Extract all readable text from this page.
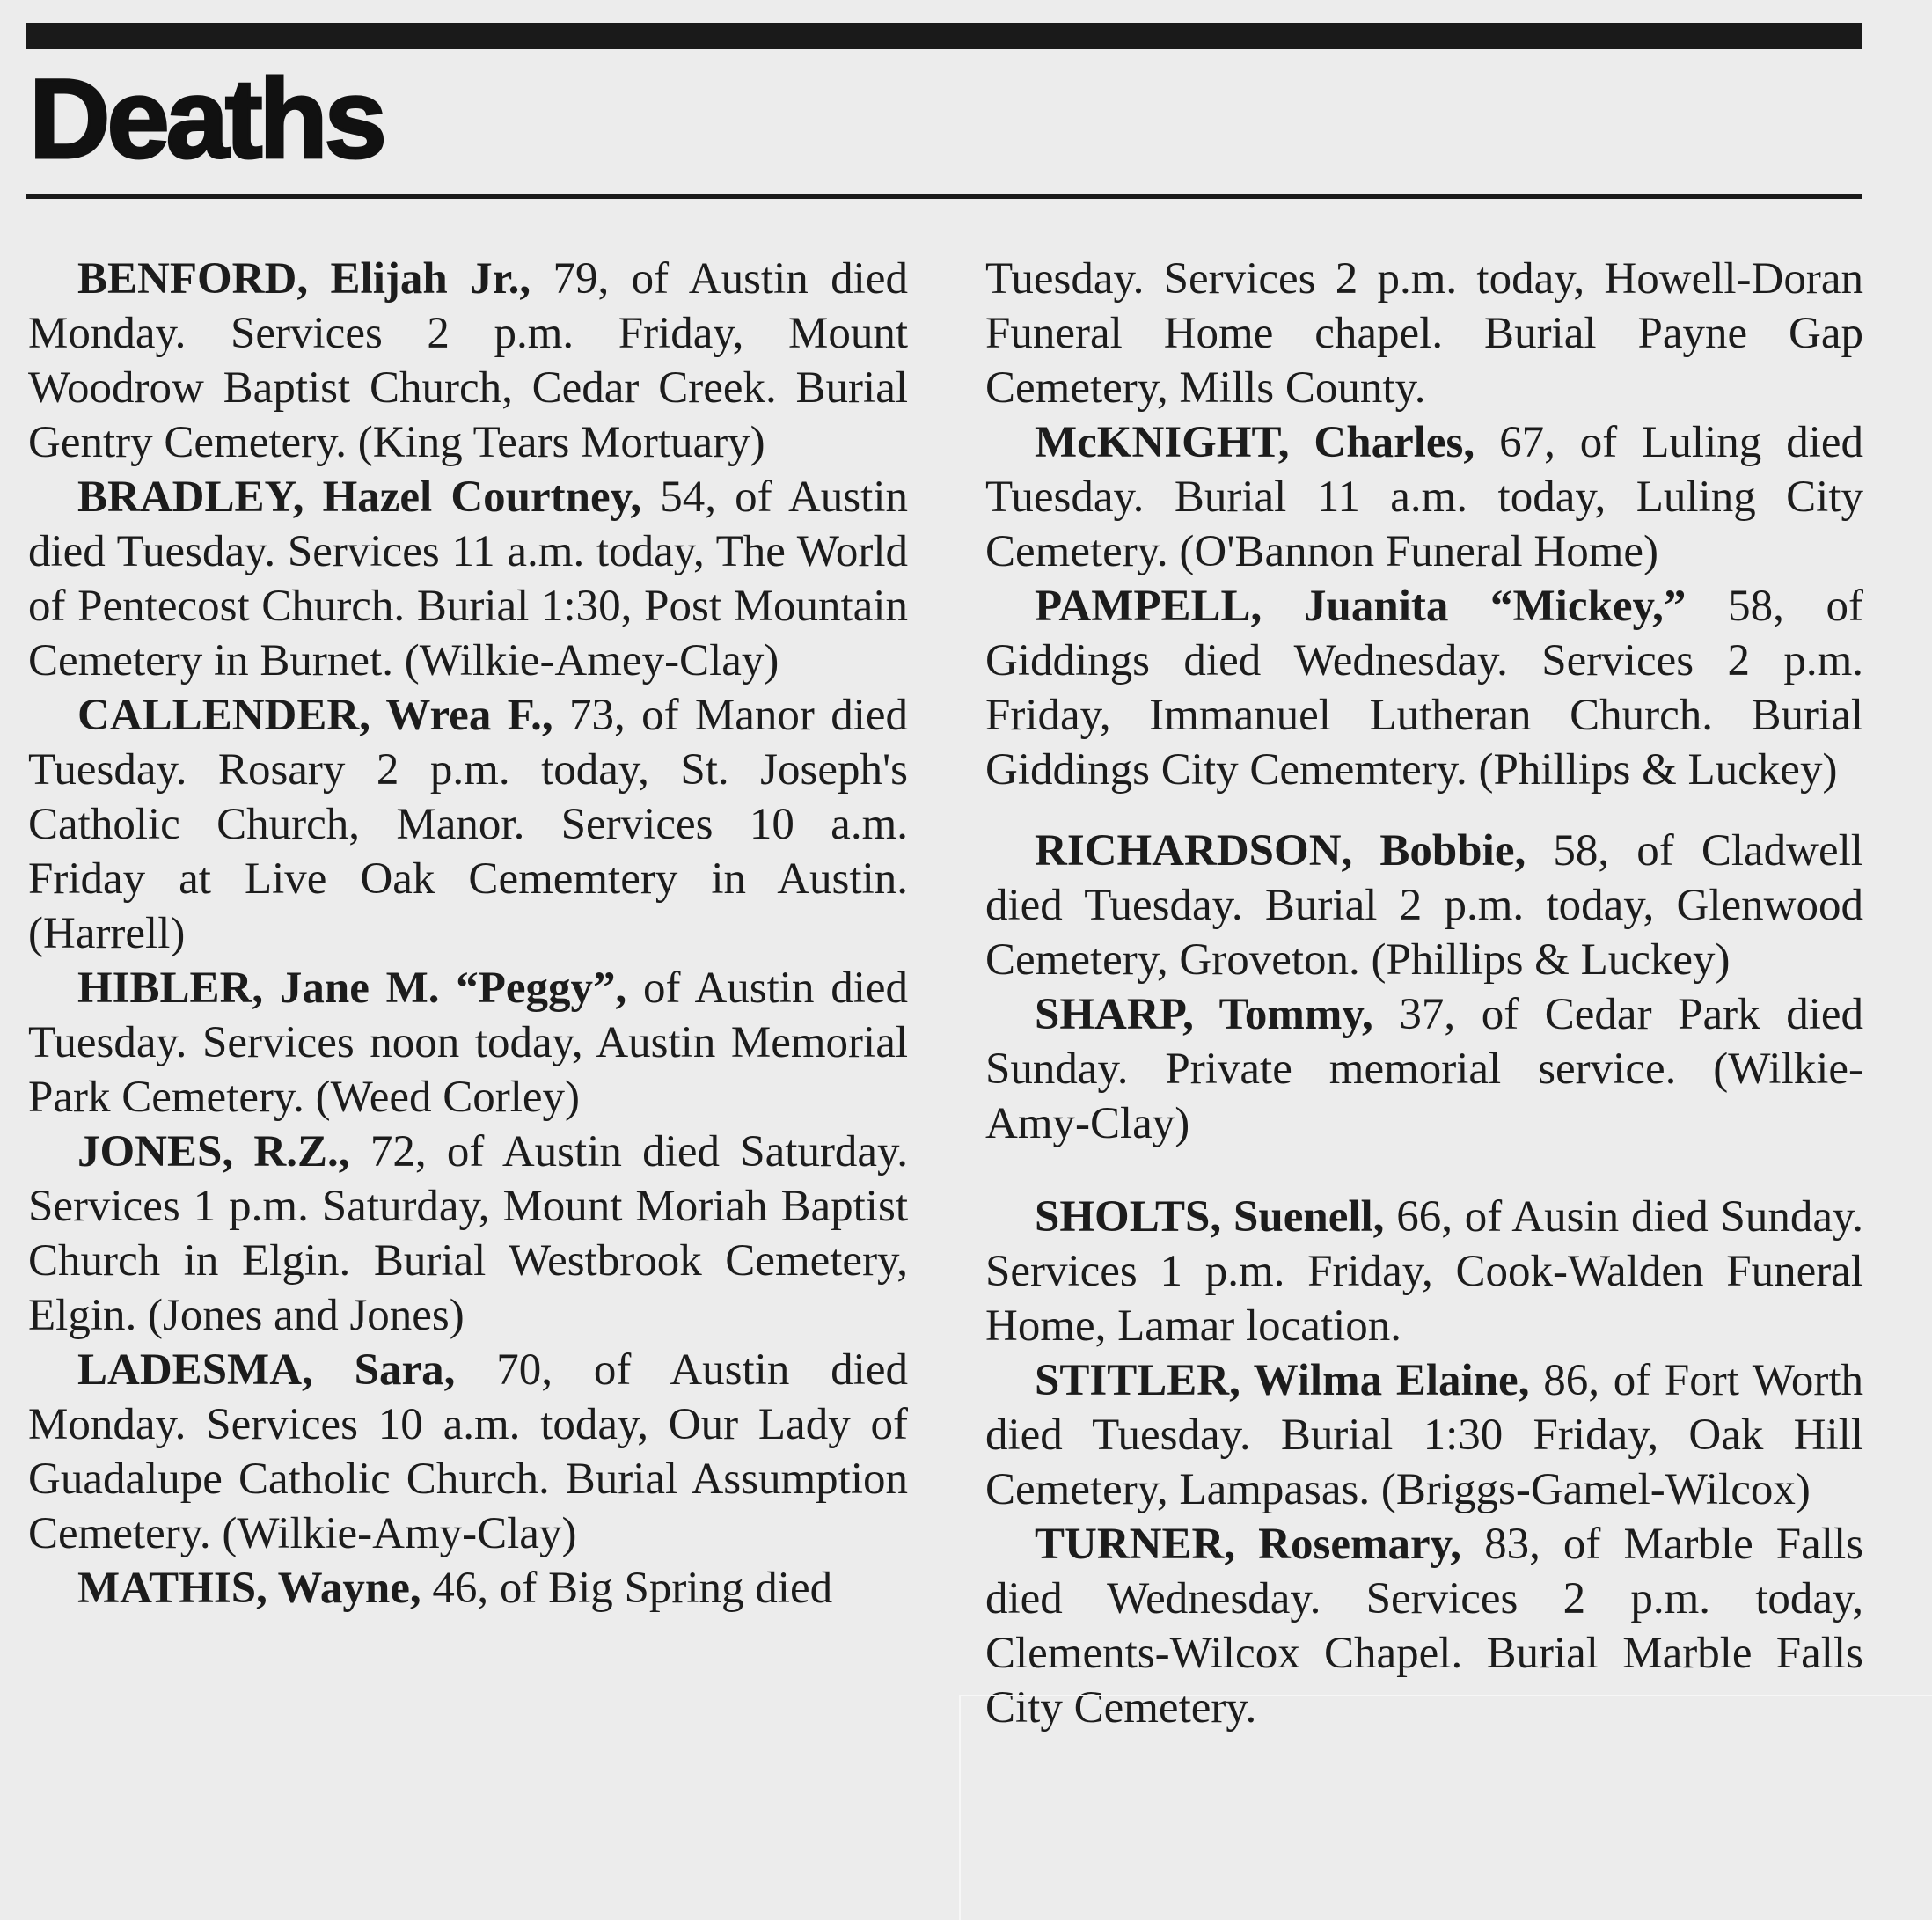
Deaths

BENFORD, Elijah Jr., 79, of Austin died Monday. Services 2 p.m. Friday, Mount Woodrow Baptist Church, Cedar Creek. Burial Gentry Cemetery. (King Tears Mortuary)

BRADLEY, Hazel Courtney, 54, of Austin died Tuesday. Services 11 a.m. today, The World of Pentecost Church. Burial 1:30, Post Mountain Cemetery in Burnet. (Wilkie-Amey-Clay)

CALLENDER, Wrea F., 73, of Manor died Tuesday. Rosary 2 p.m. today, St. Joseph's Catholic Church, Manor. Services 10 a.m. Friday at Live Oak Cememtery in Austin. (Harrell)

HIBLER, Jane M. “Peggy”, of Austin died Tuesday. Services noon today, Austin Memorial Park Cemetery. (Weed Corley)

JONES, R.Z., 72, of Austin died Saturday. Services 1 p.m. Saturday, Mount Moriah Baptist Church in Elgin. Burial Westbrook Cemetery, Elgin. (Jones and Jones)

LADESMA, Sara, 70, of Austin died Monday. Services 10 a.m. today, Our Lady of Guadalupe Catholic Church. Burial Assumption Cemetery. (Wilkie-Amy-Clay)

MATHIS, Wayne, 46, of Big Spring died

Tuesday. Services 2 p.m. today, Howell-Doran Funeral Home chapel. Burial Payne Gap Cemetery, Mills County.

McKNIGHT, Charles, 67, of Luling died Tuesday. Burial 11 a.m. today, Luling City Cemetery. (O'Bannon Funeral Home)

PAMPELL, Juanita “Mickey,” 58, of Giddings died Wednesday. Services 2 p.m. Friday, Immanuel Lutheran Church. Burial Giddings City Cememtery. (Phillips & Luckey)

RICHARDSON, Bobbie, 58, of Cladwell died Tuesday. Burial 2 p.m. today, Glenwood Cemetery, Groveton. (Phillips & Luckey)

SHARP, Tommy, 37, of Cedar Park died Sunday. Private memorial service. (Wilkie-Amy-Clay)

SHOLTS, Suenell, 66, of Ausin died Sunday. Services 1 p.m. Friday, Cook-Walden Funeral Home, Lamar location.

STITLER, Wilma Elaine, 86, of Fort Worth died Tuesday. Burial 1:30 Friday, Oak Hill Cemetery, Lampasas. (Briggs-Gamel-Wilcox)

TURNER, Rosemary, 83, of Marble Falls died Wednesday. Services 2 p.m. today, Clements-Wilcox Chapel. Burial Marble Falls City Cemetery.
